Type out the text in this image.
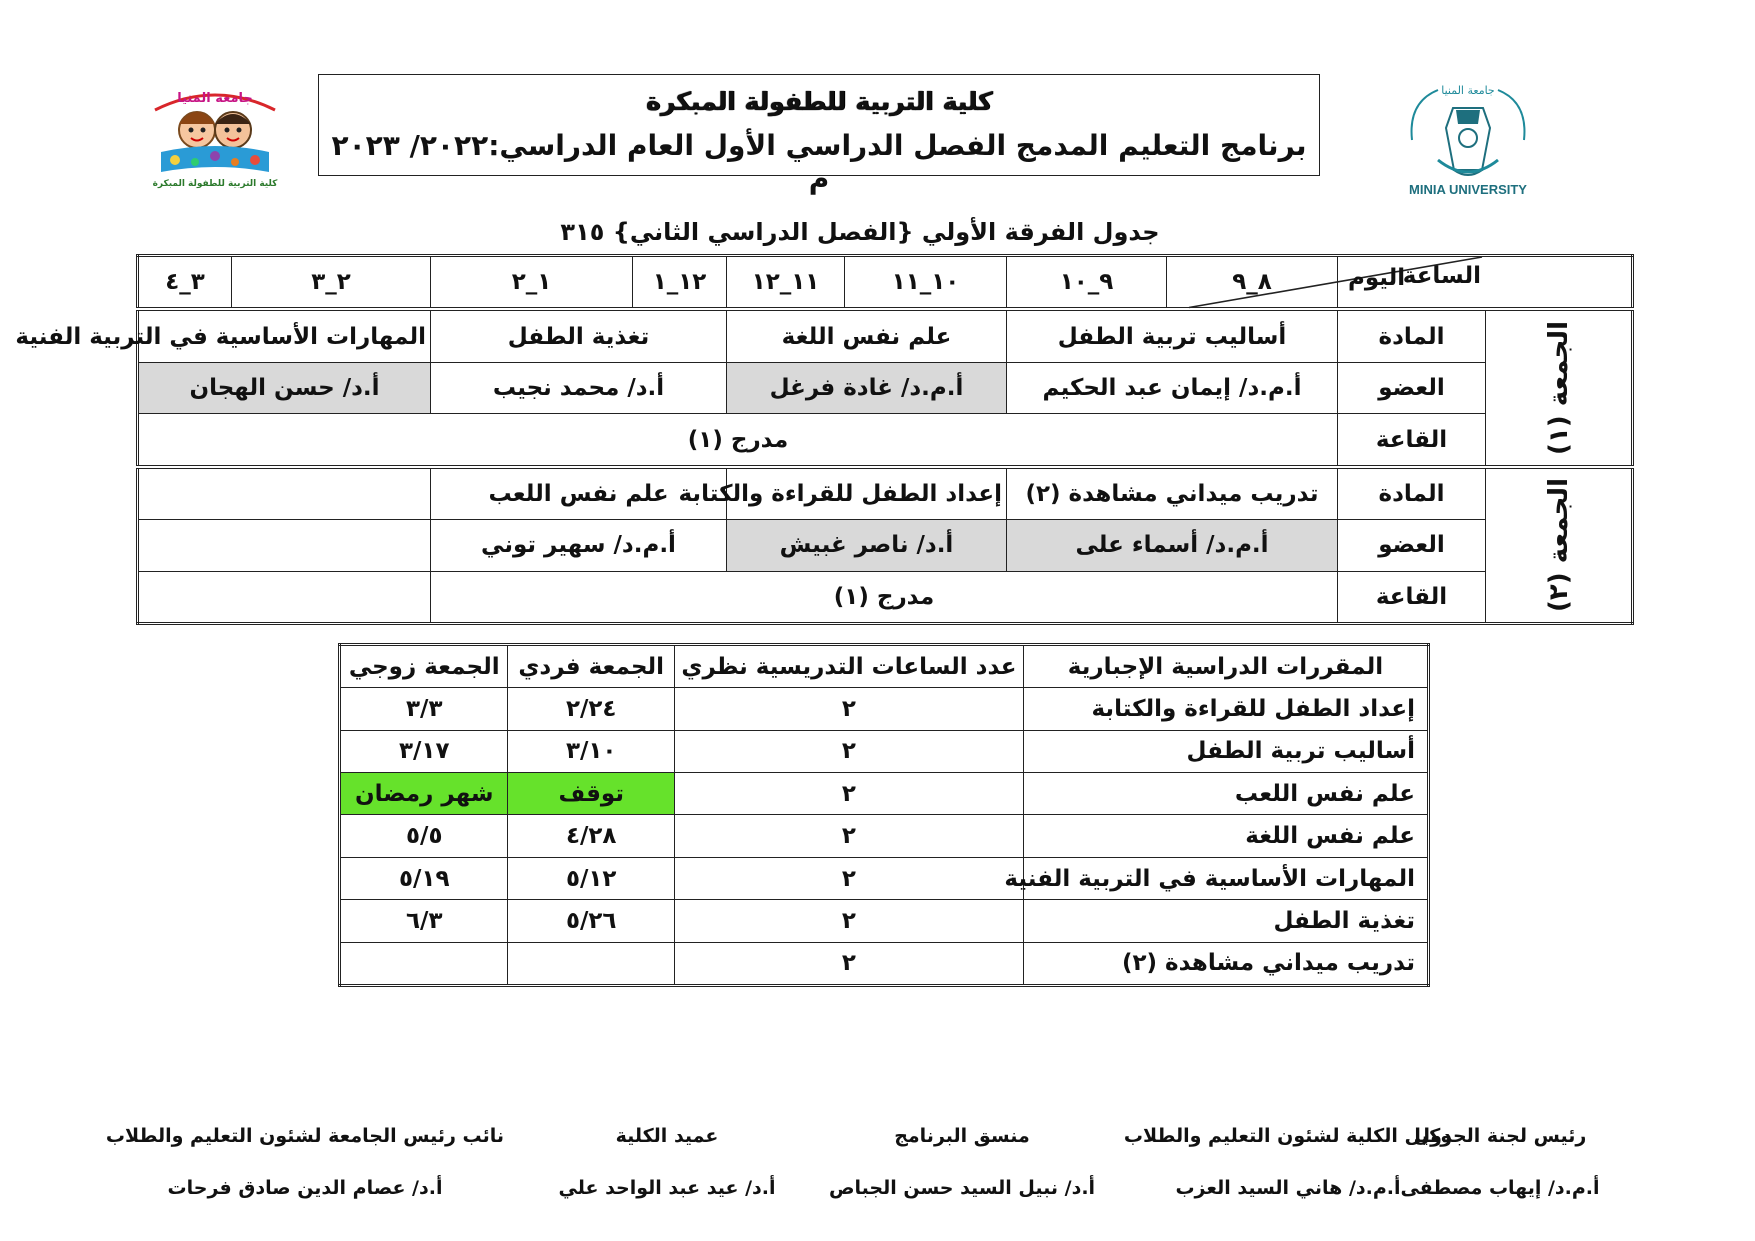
جامعة المنيا
كلية التربية للطفولة المبكرة
جامعة المنيا
MINIA UNIVERSITY
كلية التربية للطفولة المبكرة
برنامج التعليم المدمج الفصل الدراسي الأول العام الدراسي:٢٠٢٢/ ٢٠٢٣ م
جدول الفرقة الأولي {الفصل الدراسي الثاني} ٣١٥
اليوم
الساعة		٨_٩	٩_١٠	١٠_١١	١١_١٢	١٢_١	١_٢	٢_٣	٣_٤
الجمعة (١)	المادة	أساليب تربية الطفل		علم نفس اللغة		تغذية الطفل		المهارات الأساسية في التربية الفنية	
	العضو	أ.م.د/ إيمان عبد الحكيم		أ.م.د/ غادة فرغل		أ.د/ محمد نجيب		أ.د/ حسن الهجان	
	القاعة	مدرج (١)							
الجمعة (٢)	المادة	تدريب ميداني مشاهدة (٢)		إعداد الطفل للقراءة والكتابة		علم نفس اللعب			
	العضو	أ.م.د/ أسماء على		أ.د/ ناصر غبيش		أ.م.د/ سهير توني			
	القاعة	مدرج (١)							
المقررات الدراسية الإجبارية	عدد الساعات التدريسية نظري	الجمعة فردي	الجمعة زوجي
إعداد الطفل للقراءة والكتابة	٢	٢/٢٤	٣/٣
أساليب تربية الطفل	٢	٣/١٠	٣/١٧
علم نفس اللعب	٢	توقف	شهر رمضان
علم نفس اللغة	٢	٤/٢٨	٥/٥
المهارات الأساسية في التربية الفنية	٢	٥/١٢	٥/١٩
تغذية الطفل	٢	٥/٢٦	٦/٣
تدريب ميداني مشاهدة (٢)	٢		
رئيس لجنة الجدول
أ.م.د/ إيهاب مصطفى
وكيل الكلية لشئون التعليم والطلاب
أ.م.د/ هاني السيد العزب
منسق البرنامج
أ.د/ نبيل السيد حسن الجباص
عميد الكلية
أ.د/ عيد عبد الواحد علي
نائب رئيس الجامعة لشئون التعليم والطلاب
أ.د/ عصام الدين صادق فرحات
